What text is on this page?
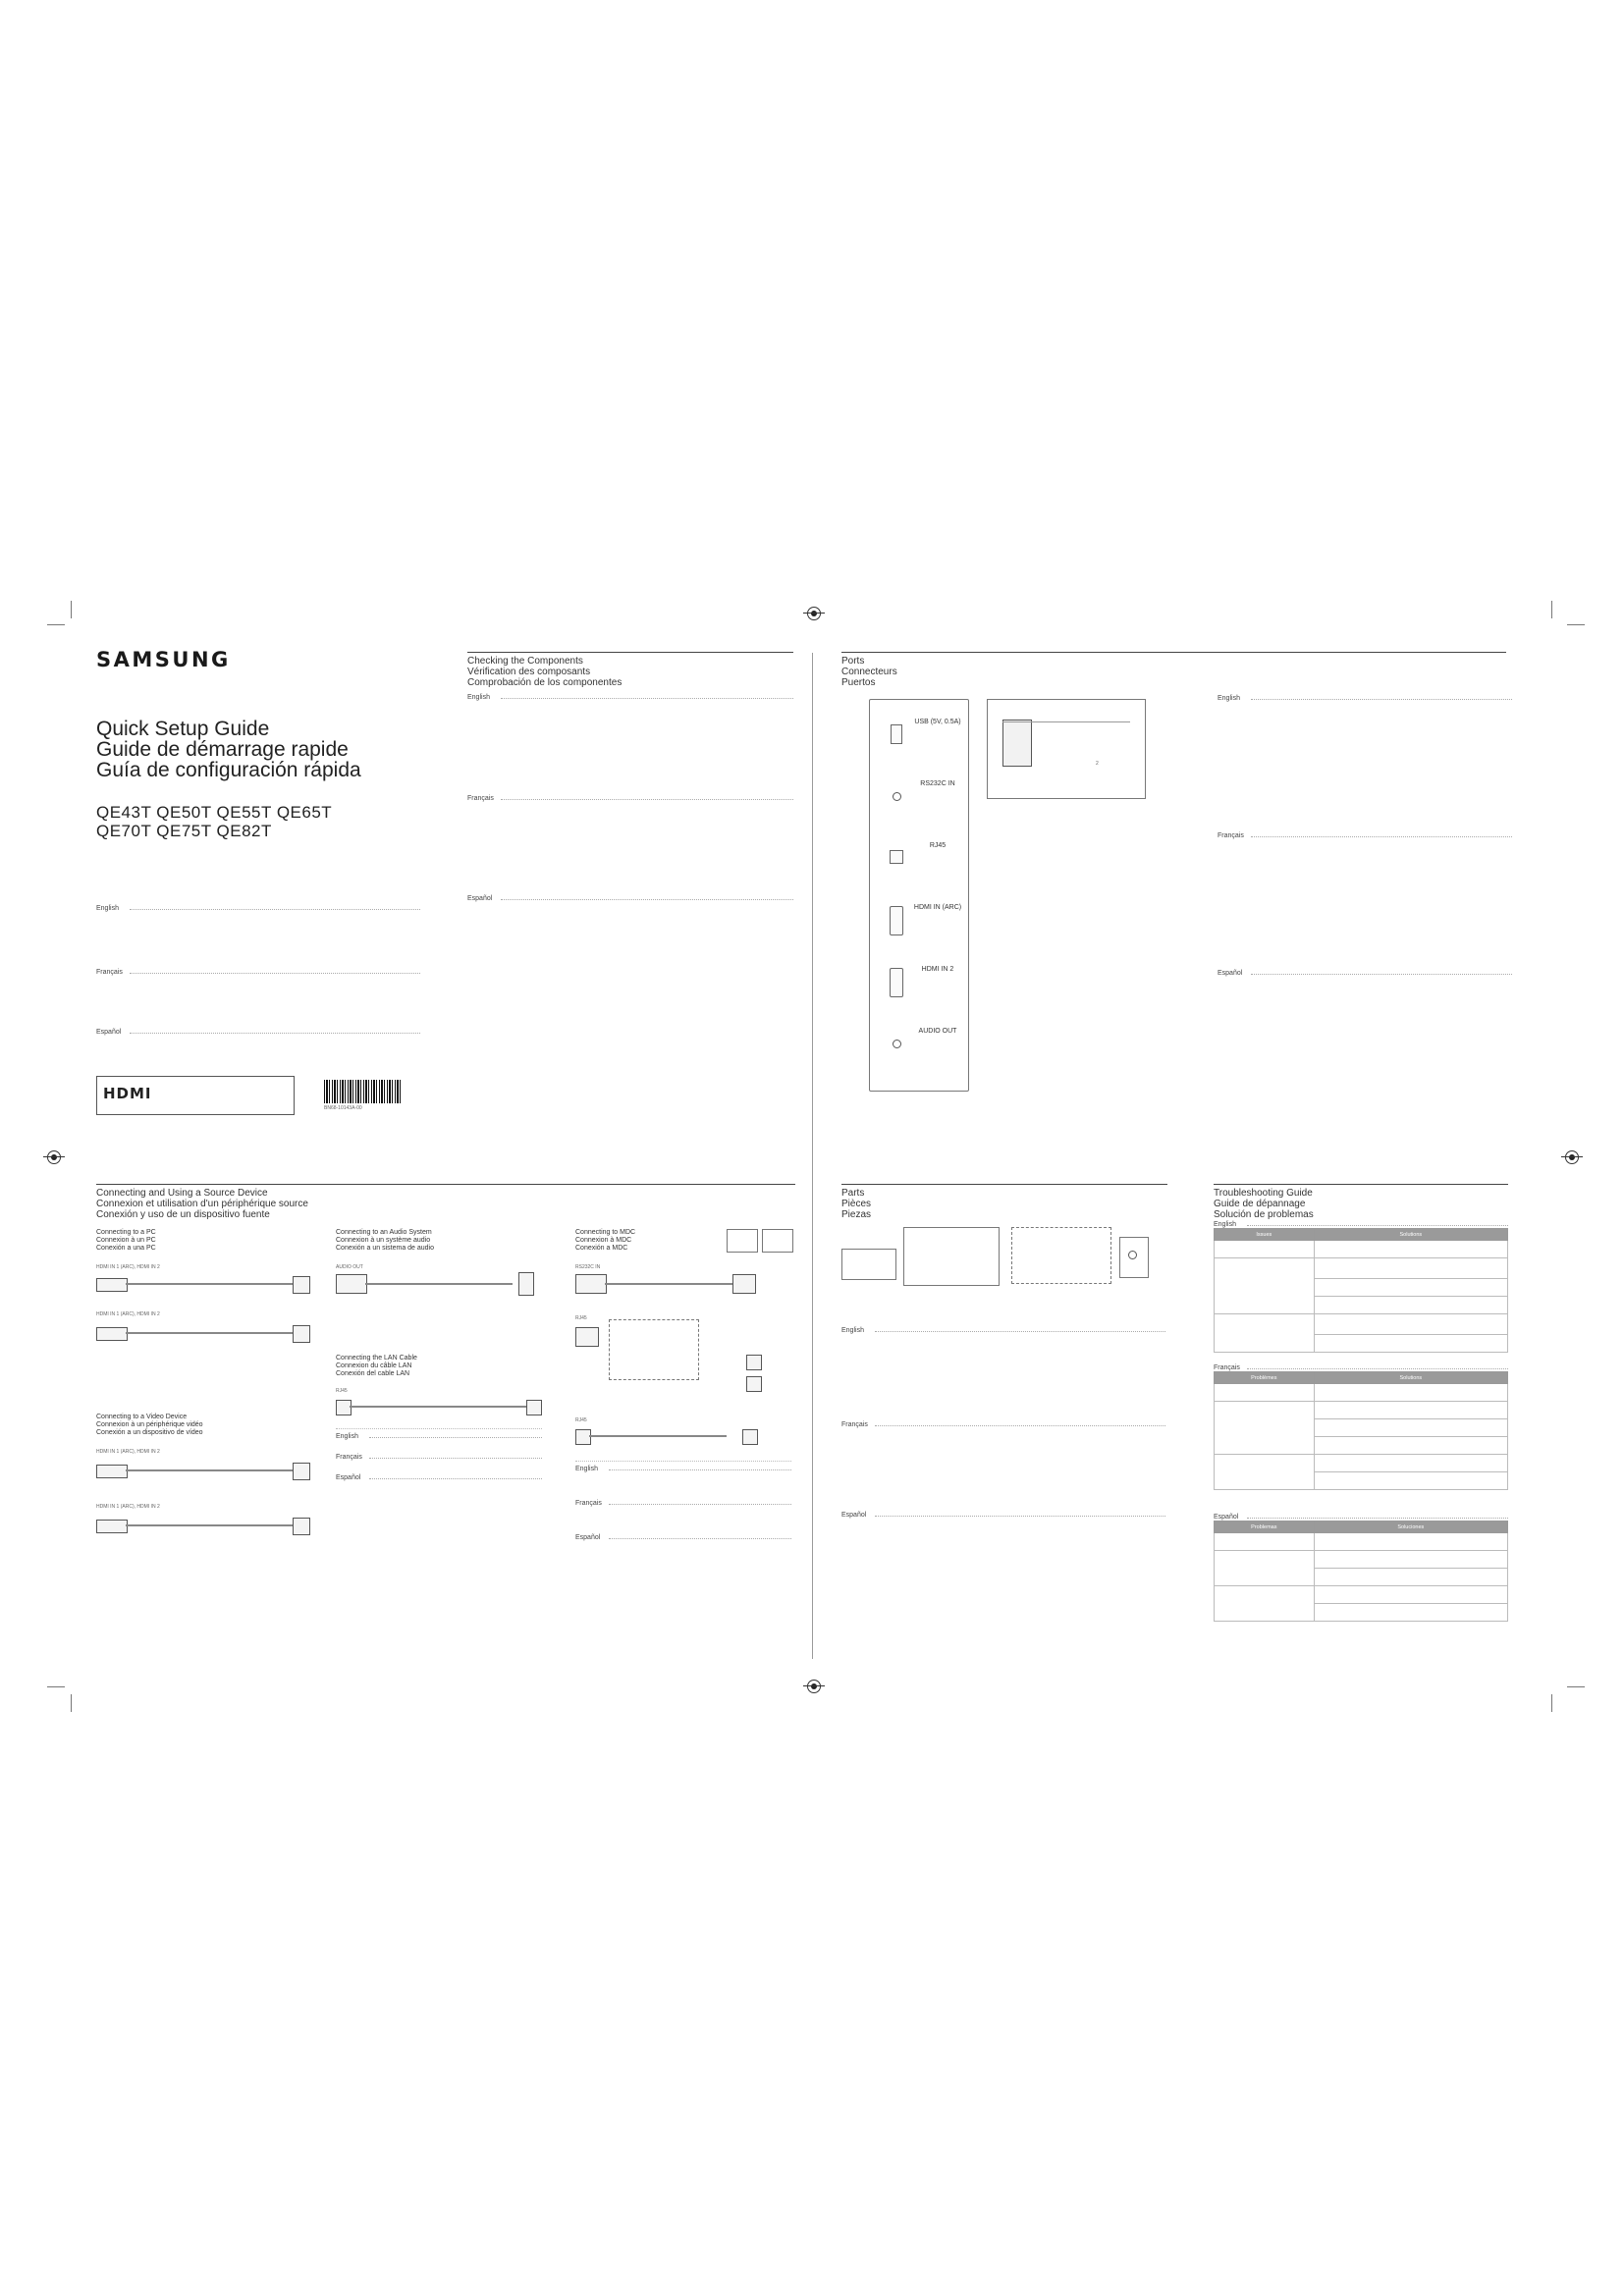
SAMSUNG
Quick Setup Guide
Guide de démarrage rapide
Guía de configuración rápida
QE43T QE50T QE55T QE65T
QE70T QE75T QE82T
English
Français
Español
HDMI
BN68-10143A-00
Checking the Components
Vérification des composants
Comprobación de los componentes
English
Français
Español
Ports
Connecteurs
Puertos
USB (5V, 0.5A)
RS232C IN
RJ45
HDMI IN (ARC)
HDMI IN 2
AUDIO OUT
2
English
Français
Español
Connecting and Using a Source Device
Connexion et utilisation d'un périphérique source
Conexión y uso de un dispositivo fuente
Connecting to a PC
Connexion à un PC
Conexión a una PC
HDMI IN 1 (ARC), HDMI IN 2
HDMI IN 1 (ARC), HDMI IN 2
Connecting to a Video Device
Connexion à un périphérique vidéo
Conexión a un dispositivo de vídeo
HDMI IN 1 (ARC), HDMI IN 2
HDMI IN 1 (ARC), HDMI IN 2
Connecting to an Audio System
Connexion à un système audio
Conexión a un sistema de audio
AUDIO OUT
Connecting the LAN Cable
Connexion du câble LAN
Conexión del cable LAN
RJ45
English
Français
Español
Connecting to MDC
Connexion à MDC
Conexión a MDC
RS232C IN
RJ45
RJ45
English
Français
Español
Parts
Pièces
Piezas
English
Français
Español
Troubleshooting Guide
Guide de dépannage
Solución de problemas
English
Issues	Solutions

Français
Problèmes	Solutions

Español
Problemas	Soluciones
